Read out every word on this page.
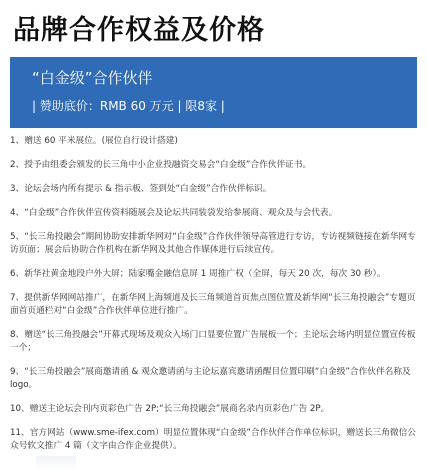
品牌合作权益及价格
“白金级”合作伙伴
| 赞助底价：RMB 60 万元 | 限8家 |
1、赠送 60 平米展位。(展位自行设计搭建)
2、授予由组委会颁发的长三角中小企业投融资交易会“白金级”合作伙伴证书。
3、论坛会场内所有提示 & 指示板、签到处“白金级”合作伙伴标识。
4、“白金级”合作伙伴宣传资料随展会及论坛共同装袋发给参展商、观众及与会代表。
5、“长三角投融会”期间协助安排新华网对“白金级”合作伙伴领导高管进行专访，专访视频链接在新华网专访页面；展会后协助合作机构在新华网及其他合作媒体进行后续宣传。
6、新华社黄金地段户外大屏；陆家嘴金融信息屏 1 周推广权（全屏，每天 20 次，每次 30 秒）。
7、提供新华网网站推广，在新华网上海频道及长三角频道首页焦点图位置及新华网“长三角投融会”专题页面首页通栏对“白金级”合作伙伴单位进行推广。
8、赠送“长三角投融会”开幕式现场及观众入场门口显要位置广告展板一个；主论坛会场内明显位置宣传板一个；
9、“长三角投融会”展商邀请函 & 观众邀请函与主论坛嘉宾邀请函醒目位置印刷“白金级”合作伙伴名称及 logo。
10、赠送主论坛会刊内页彩色广告 2P;“长三角投融会”展商名录内页彩色广告 2P。
11、官方网站（www.sme-ifex.com）明显位置体现“白金级”合作伙伴合作单位标识，赠送长三角微信公众号软文推广 4 篇（文字由合作企业提供）。
